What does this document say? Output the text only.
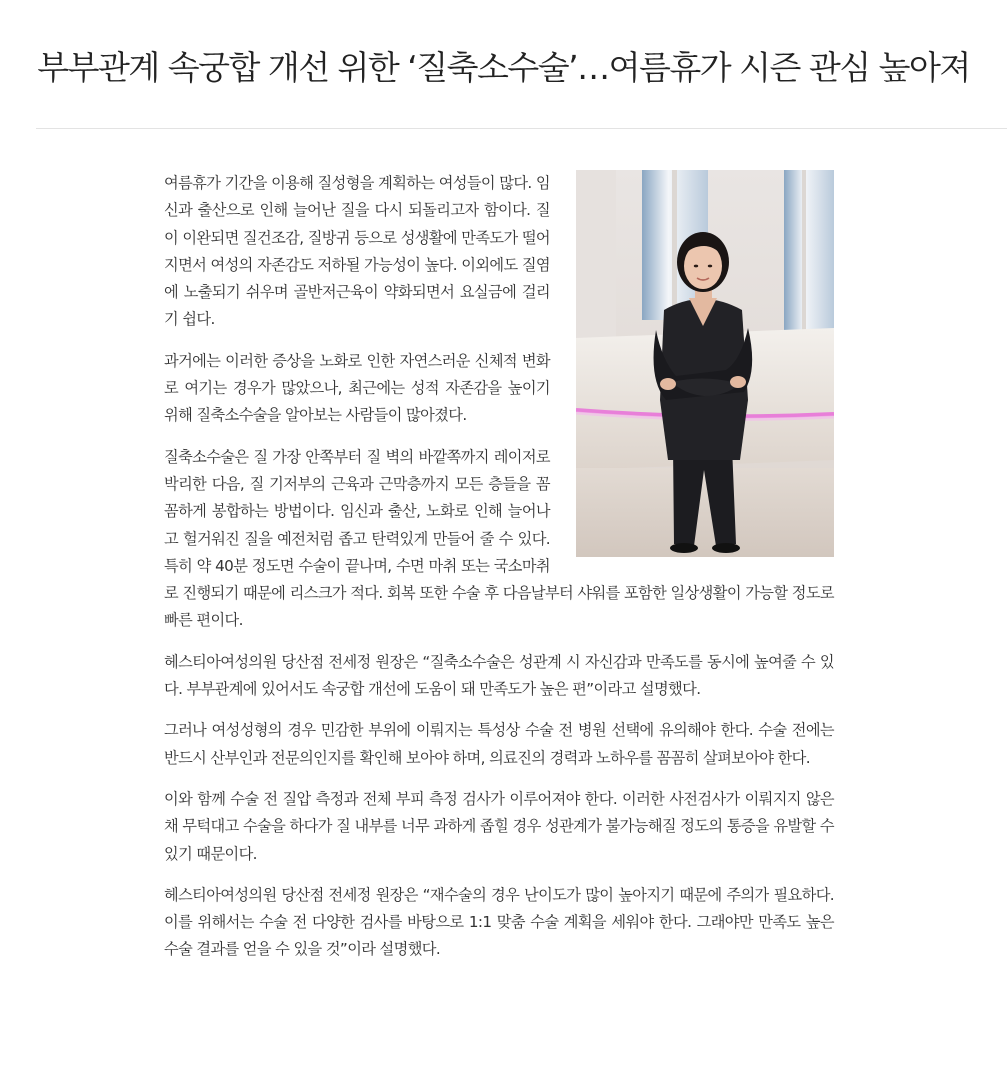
부부관계 속궁합 개선 위한 ‘질축소수술’…여름휴가 시즌 관심 높아져

여름휴가 기간을 이용해 질성형을 계획하는 여성들이 많다. 임신과 출산으로 인해 늘어난 질을 다시 되돌리고자 함이다. 질이 이완되면 질건조감, 질방귀 등으로 성생활에 만족도가 떨어지면서 여성의 자존감도 저하될 가능성이 높다. 이외에도 질염에 노출되기 쉬우며 골반저근육이 약화되면서 요실금에 걸리기 쉽다.

과거에는 이러한 증상을 노화로 인한 자연스러운 신체적 변화로 여기는 경우가 많았으나, 최근에는 성적 자존감을 높이기 위해 질축소수술을 알아보는 사람들이 많아졌다.

질축소수술은 질 가장 안쪽부터 질 벽의 바깥쪽까지 레이저로 박리한 다음, 질 기저부의 근육과 근막층까지 모든 층들을 꼼꼼하게 봉합하는 방법이다. 임신과 출산, 노화로 인해 늘어나고 헐거워진 질을 예전처럼 좁고 탄력있게 만들어 줄 수 있다. 특히 약 40분 정도면 수술이 끝나며, 수면 마취 또는 국소마취로 진행되기 때문에 리스크가 적다. 회복 또한 수술 후 다음날부터 샤워를 포함한 일상생활이 가능할 정도로 빠른 편이다.

헤스티아여성의원 당산점 전세정 원장은 “질축소수술은 성관계 시 자신감과 만족도를 동시에 높여줄 수 있다. 부부관계에 있어서도 속궁합 개선에 도움이 돼 만족도가 높은 편”이라고 설명했다.

그러나 여성성형의 경우 민감한 부위에 이뤄지는 특성상 수술 전 병원 선택에 유의해야 한다. 수술 전에는 반드시 산부인과 전문의인지를 확인해 보아야 하며, 의료진의 경력과 노하우를 꼼꼼히 살펴보아야 한다.

이와 함께 수술 전 질압 측정과 전체 부피 측정 검사가 이루어져야 한다. 이러한 사전검사가 이뤄지지 않은 채 무턱대고 수술을 하다가 질 내부를 너무 과하게 좁힐 경우 성관계가 불가능해질 정도의 통증을 유발할 수 있기 때문이다.

헤스티아여성의원 당산점 전세정 원장은 “재수술의 경우 난이도가 많이 높아지기 때문에 주의가 필요하다. 이를 위해서는 수술 전 다양한 검사를 바탕으로 1:1 맞춤 수술 계획을 세워야 한다. 그래야만 만족도 높은 수술 결과를 얻을 수 있을 것”이라 설명했다.
